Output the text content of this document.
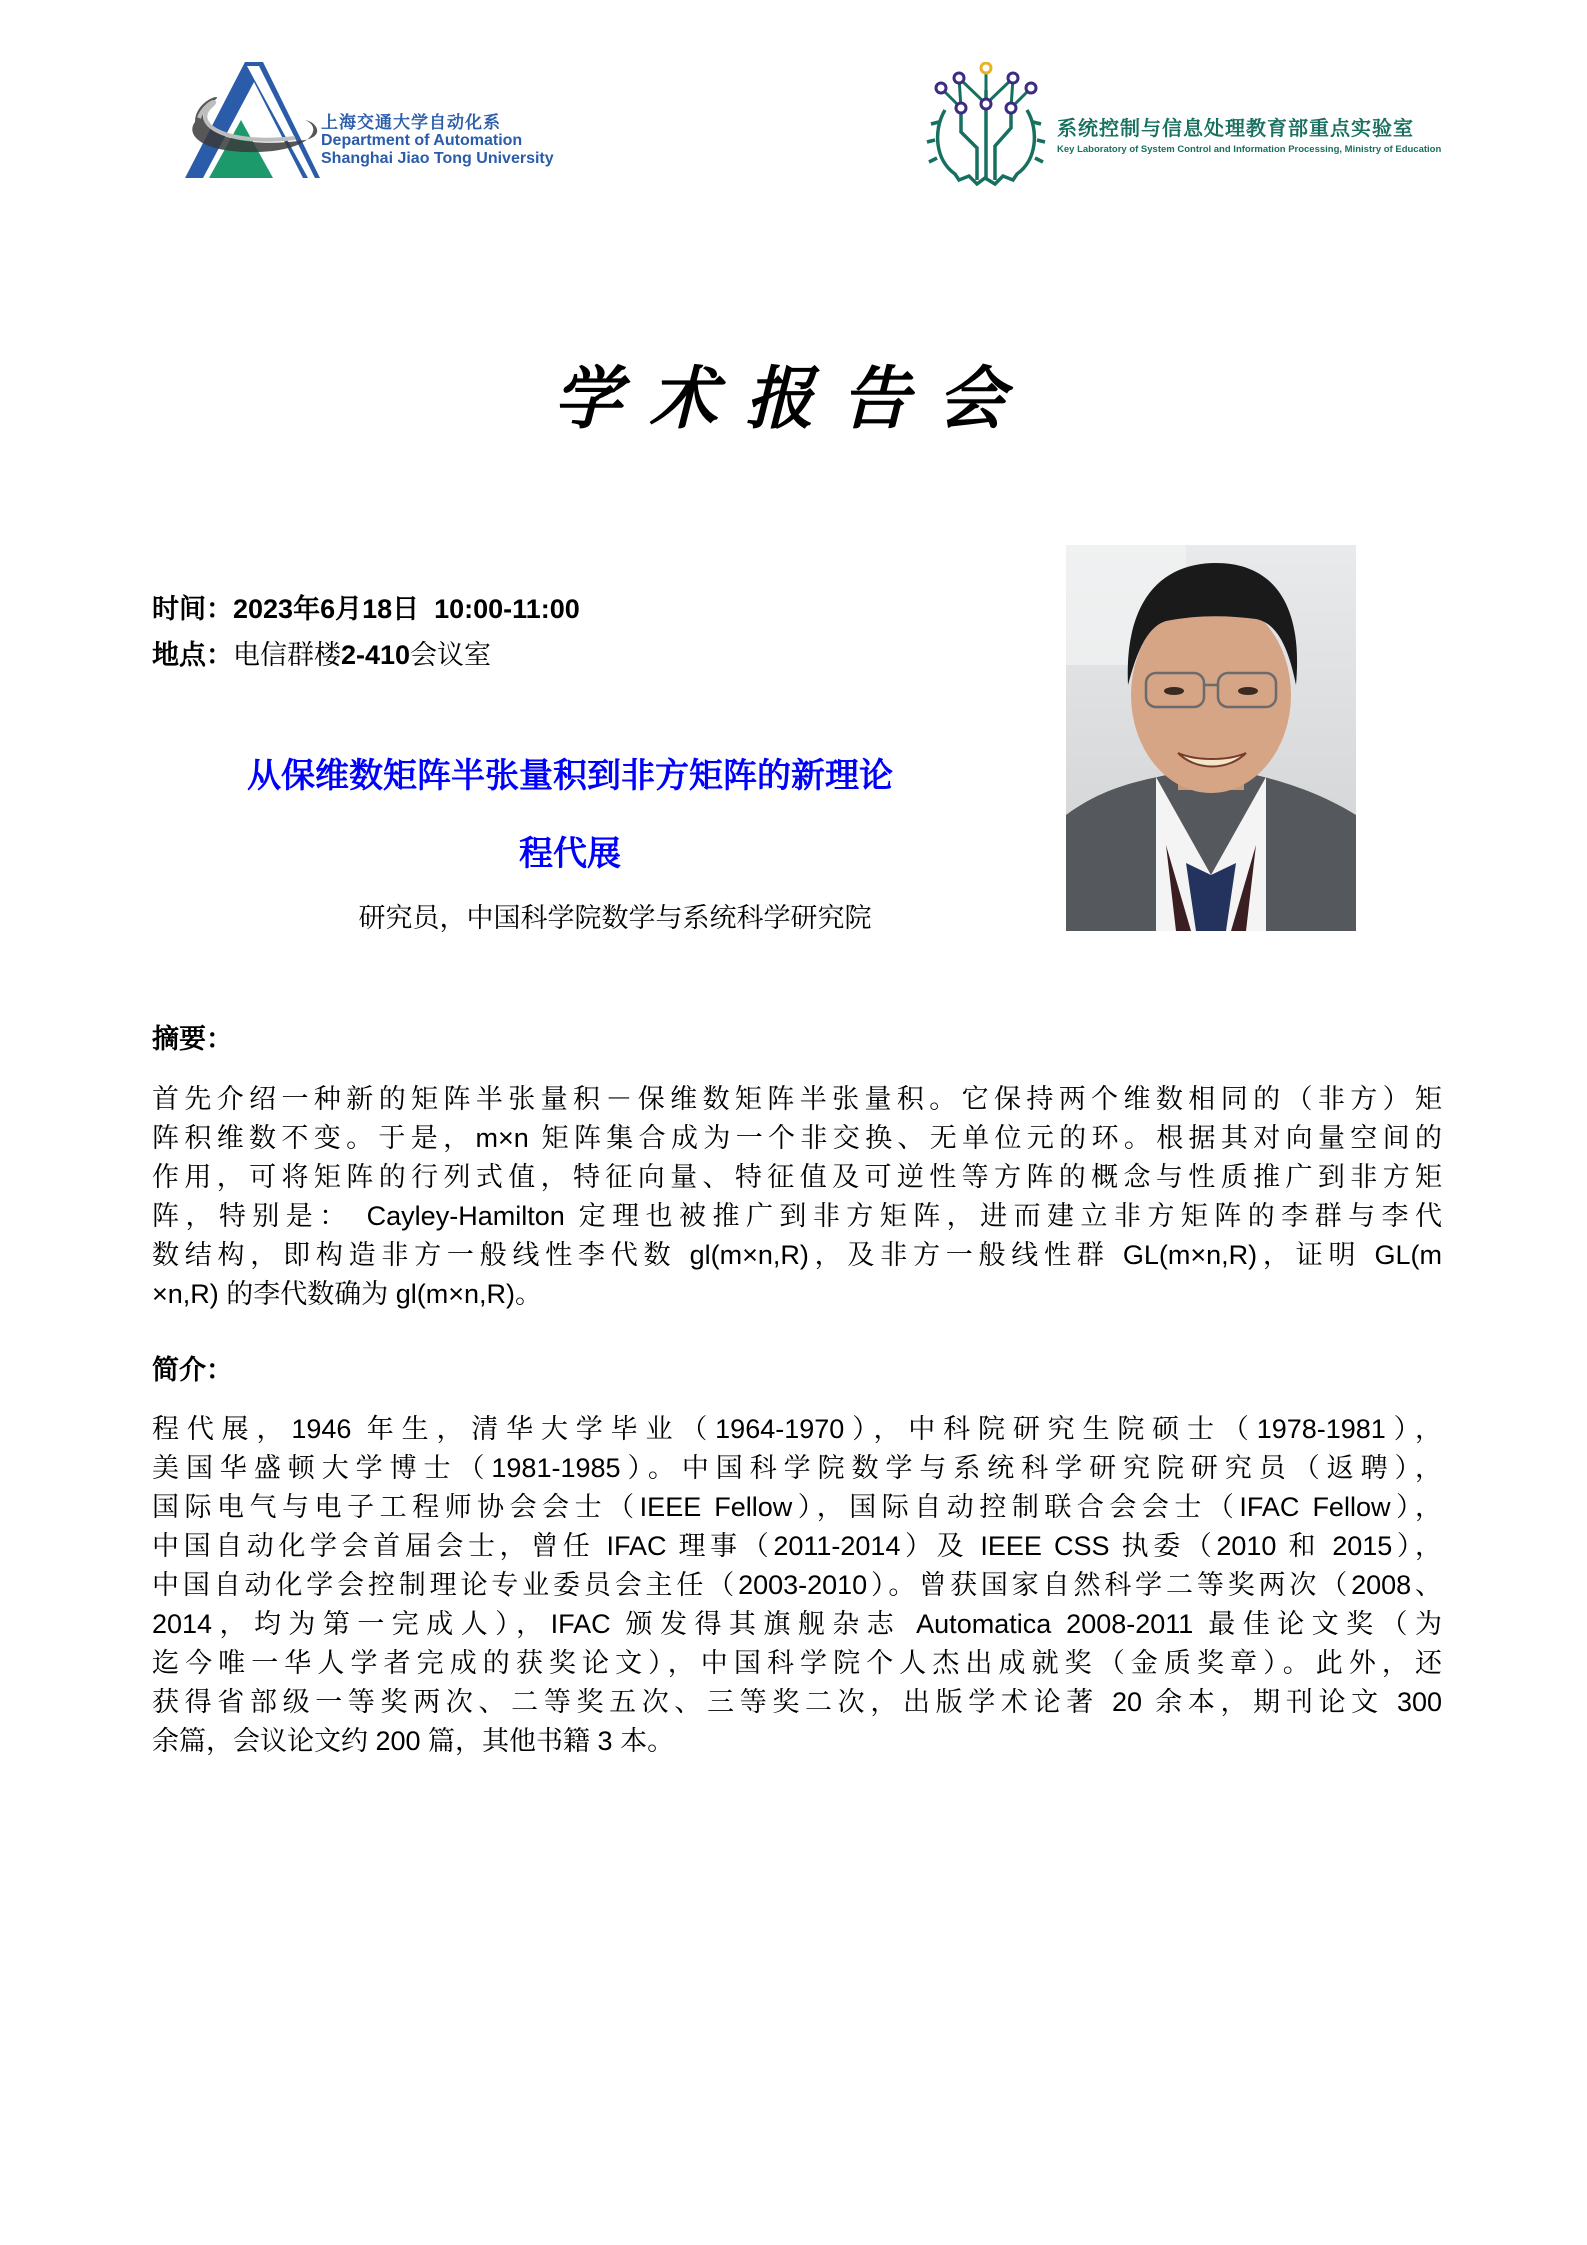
上海交通大学自动化系
Department of Automation
Shanghai Jiao Tong University
系统控制与信息处理教育部重点实验室
Key Laboratory of System Control and Information Processing, Ministry of Education
学术报告会
时间：2023年6月18日  10:00-11:00
地点：电信群楼2-410会议室
从保维数矩阵半张量积到非方矩阵的新理论
程代展
研究员，中国科学院数学与系统科学研究院
摘要：
首先介绍一种新的矩阵半张量积－保维数矩阵半张量积。它保持两个维数相同的（非方）矩
阵积维数不变。于是，m×n 矩阵集合成为一个非交换、无单位元的环。根据其对向量空间的
作用，可将矩阵的行列式值，特征向量、特征值及可逆性等方阵的概念与性质推广到非方矩
阵，特别是： Cayley-Hamilton 定理也被推广到非方矩阵，进而建立非方矩阵的李群与李代
数结构，即构造非方一般线性李代数 gl(m×n,R)，及非方一般线性群 GL(m×n,R)，证明 GL(m
×n,R) 的李代数确为 gl(m×n,R)。
简介：
程代展，1946 年生，清华大学毕业（1964-1970），中科院研究生院硕士（1978-1981），
美国华盛顿大学博士（1981-1985）。中国科学院数学与系统科学研究院研究员（返聘），
国际电气与电子工程师协会会士（IEEE Fellow），国际自动控制联合会会士（IFAC Fellow），
中国自动化学会首届会士，曾任 IFAC 理事（2011-2014）及 IEEE CSS 执委（2010 和 2015），
中国自动化学会控制理论专业委员会主任（2003-2010）。曾获国家自然科学二等奖两次（2008、
2014，均为第一完成人），IFAC 颁发得其旗舰杂志 Automatica 2008-2011 最佳论文奖（为
迄今唯一华人学者完成的获奖论文），中国科学院个人杰出成就奖（金质奖章）。此外，还
获得省部级一等奖两次、二等奖五次、三等奖二次，出版学术论著 20 余本，期刊论文 300
余篇，会议论文约 200 篇，其他书籍 3 本。
